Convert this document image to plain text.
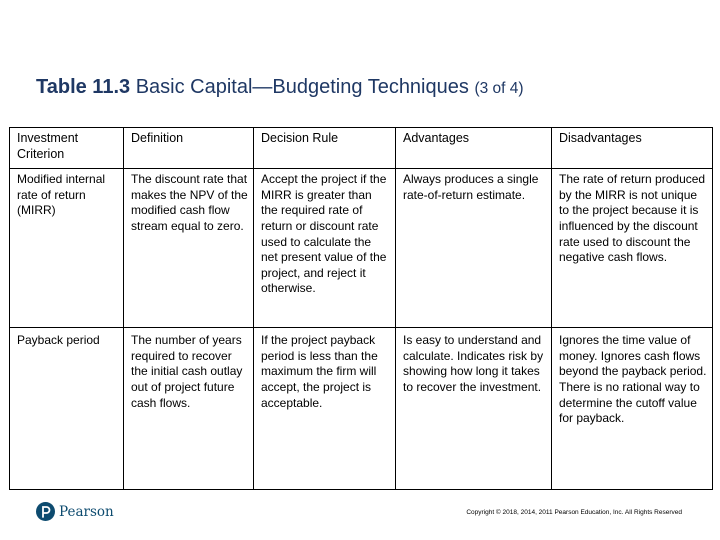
Table 11.3 Basic Capital—Budgeting Techniques (3 of 4)
Investment Criterion	Definition	Decision Rule	Advantages	Disadvantages
Modified internal rate of return (MIRR)	The discount rate that makes the NPV of the modified cash flow stream equal to zero.	Accept the project if the MIRR is greater than the required rate of return or discount rate used to calculate the net present value of the project, and reject it otherwise.	Always produces a single rate-of-return estimate.	The rate of return produced by the MIRR is not unique to the project because it is influenced by the discount rate used to discount the negative cash flows.
Payback period	The number of years required to recover the initial cash outlay out of project future cash flows.	If the project payback period is less than the maximum the firm will accept, the project is acceptable.	Is easy to understand and calculate. Indicates risk by showing how long it takes to recover the investment.	Ignores the time value of money. Ignores cash flows beyond the payback period. There is no rational way to determine the cutoff value for payback.
Pearson	Copyright © 2018, 2014, 2011 Pearson Education, Inc. All Rights Reserved
